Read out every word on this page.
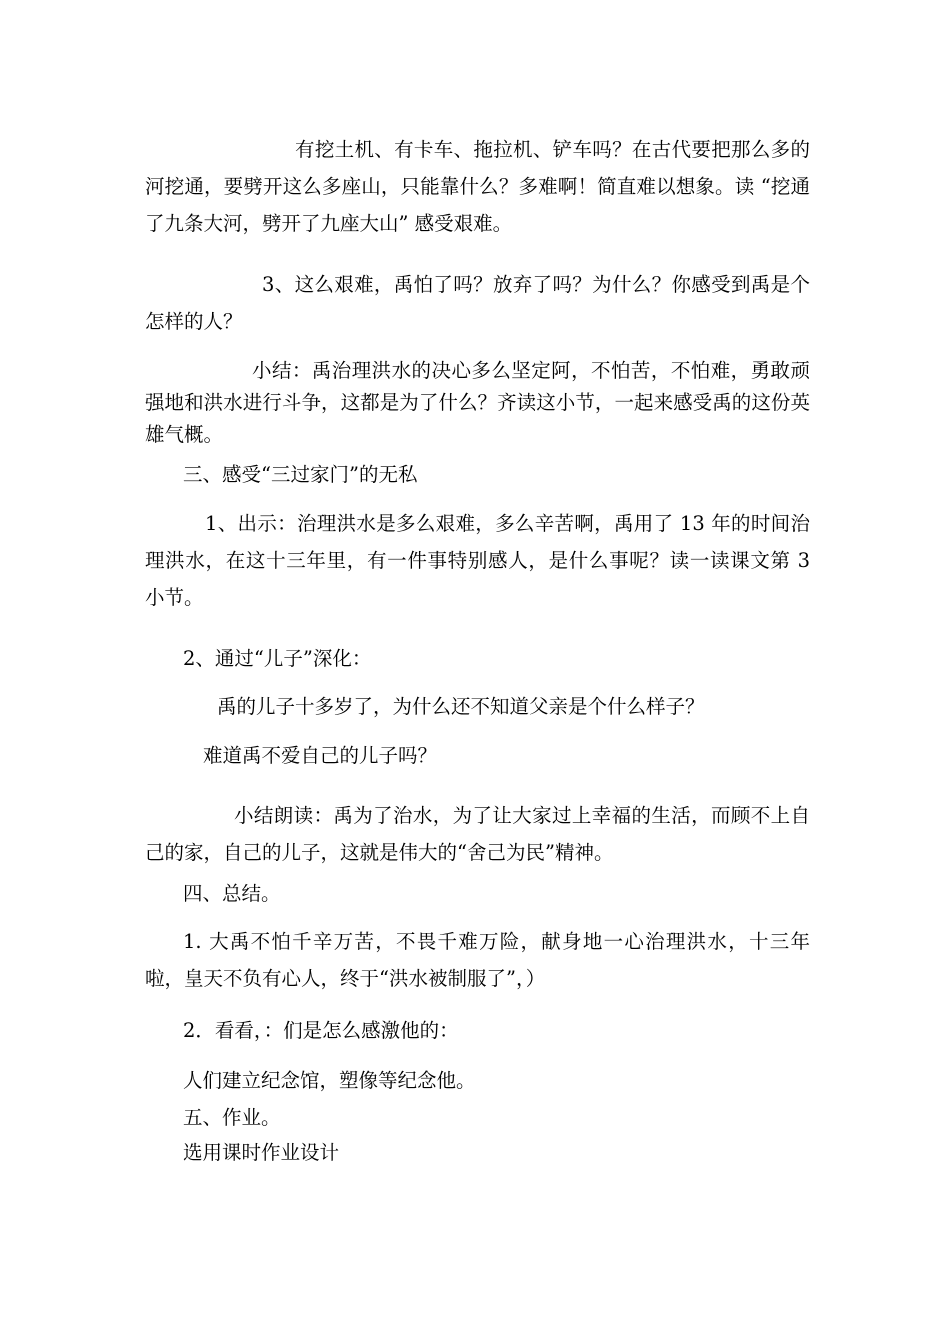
有挖土机、有卡车、拖拉机、铲车吗？在古代要把那么多的河挖通，要劈开这么多座山，只能靠什么？多难啊！简直难以想象。读 “挖通了九条大河，劈开了九座大山” 感受艰难。

3、这么艰难，禹怕了吗？放弃了吗？为什么？你感受到禹是个怎样的人？

小结：禹治理洪水的决心多么坚定阿，不怕苦，不怕难，勇敢顽强地和洪水进行斗争，这都是为了什么？齐读这小节，一起来感受禹的这份英雄气概。

三、感受“三过家门”的无私

1、出示：治理洪水是多么艰难，多么辛苦啊，禹用了 13 年的时间治理洪水，在这十三年里，有一件事特别感人，是什么事呢？读一读课文第 3 小节。

2、通过“儿子”深化：

禹的儿子十多岁了，为什么还不知道父亲是个什么样子？

难道禹不爱自己的儿子吗？

小结朗读：禹为了治水，为了让大家过上幸福的生活，而顾不上自己的家，自己的儿子，这就是伟大的“舍己为民”精神。

四、总结。

1. 大禹不怕千辛万苦，不畏千难万险，献身地一心治理洪水，十三年啦，皇天不负有心人，终于“洪水被制服了”，）

2．看看，：们是怎么感激他的：

人们建立纪念馆，塑像等纪念他。

五、作业。

选用课时作业设计
